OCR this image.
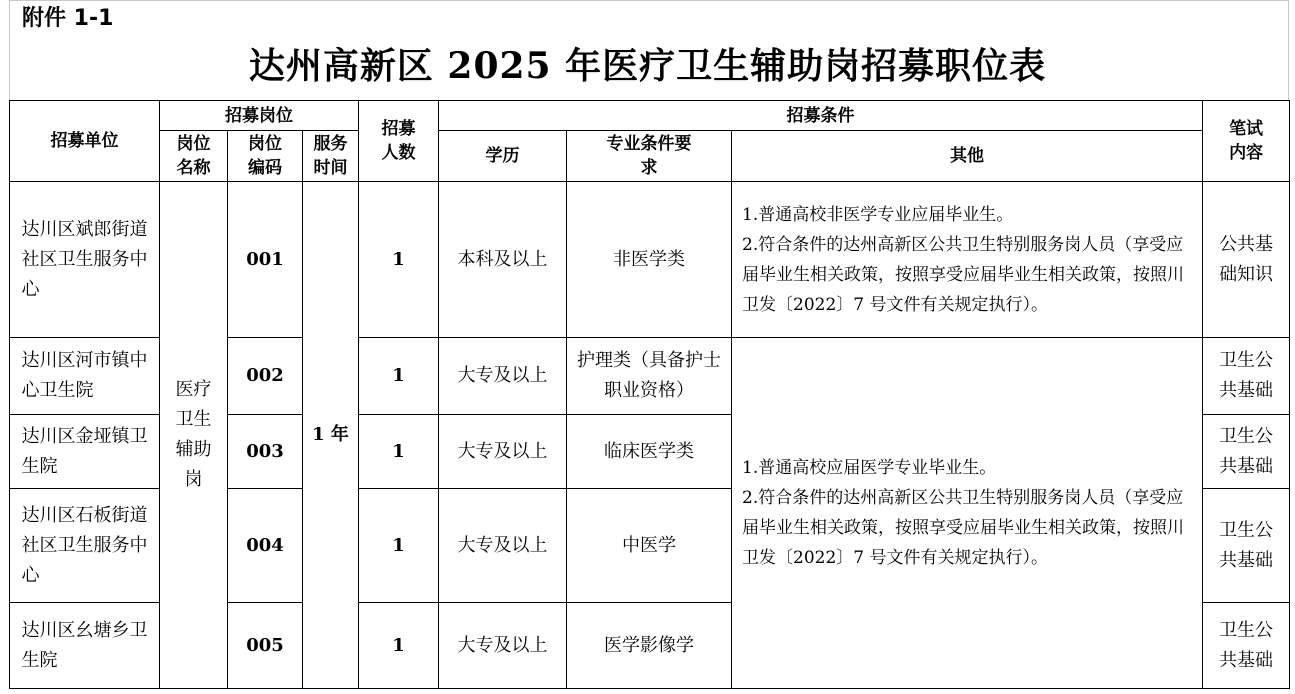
附件 1-1
达州高新区 2025 年医疗卫生辅助岗招募职位表
招募单位	招募岗位			招募人数	招募条件			笔试内容

	岗位名称	岗位编码	服务时间		学历	专业条件要求	其他	

达川区斌郎街道社区卫生服务中心	医疗卫生辅助岗	001	1 年	1	本科及以上	非医学类	1.普通高校非医学专业应届毕业生。
2.符合条件的达州高新区公共卫生特别服务岗人员（享受应届毕业生相关政策，按照享受应届毕业生相关政策，按照川卫发〔2022〕7 号文件有关规定执行）。	公共基础知识

达川区河市镇中心卫生院		002		1	大专及以上	护理类（具备护士职业资格）	1.普通高校应届医学专业毕业生。
2.符合条件的达州高新区公共卫生特别服务岗人员（享受应届毕业生相关政策，按照享受应届毕业生相关政策，按照川卫发〔2022〕7 号文件有关规定执行）。	卫生公共基础

达川区金垭镇卫生院		003		1	大专及以上	临床医学类		卫生公共基础

达川区石板街道社区卫生服务中心		004		1	大专及以上	中医学		卫生公共基础

达川区幺塘乡卫生院		005		1	大专及以上	医学影像学		卫生公共基础
